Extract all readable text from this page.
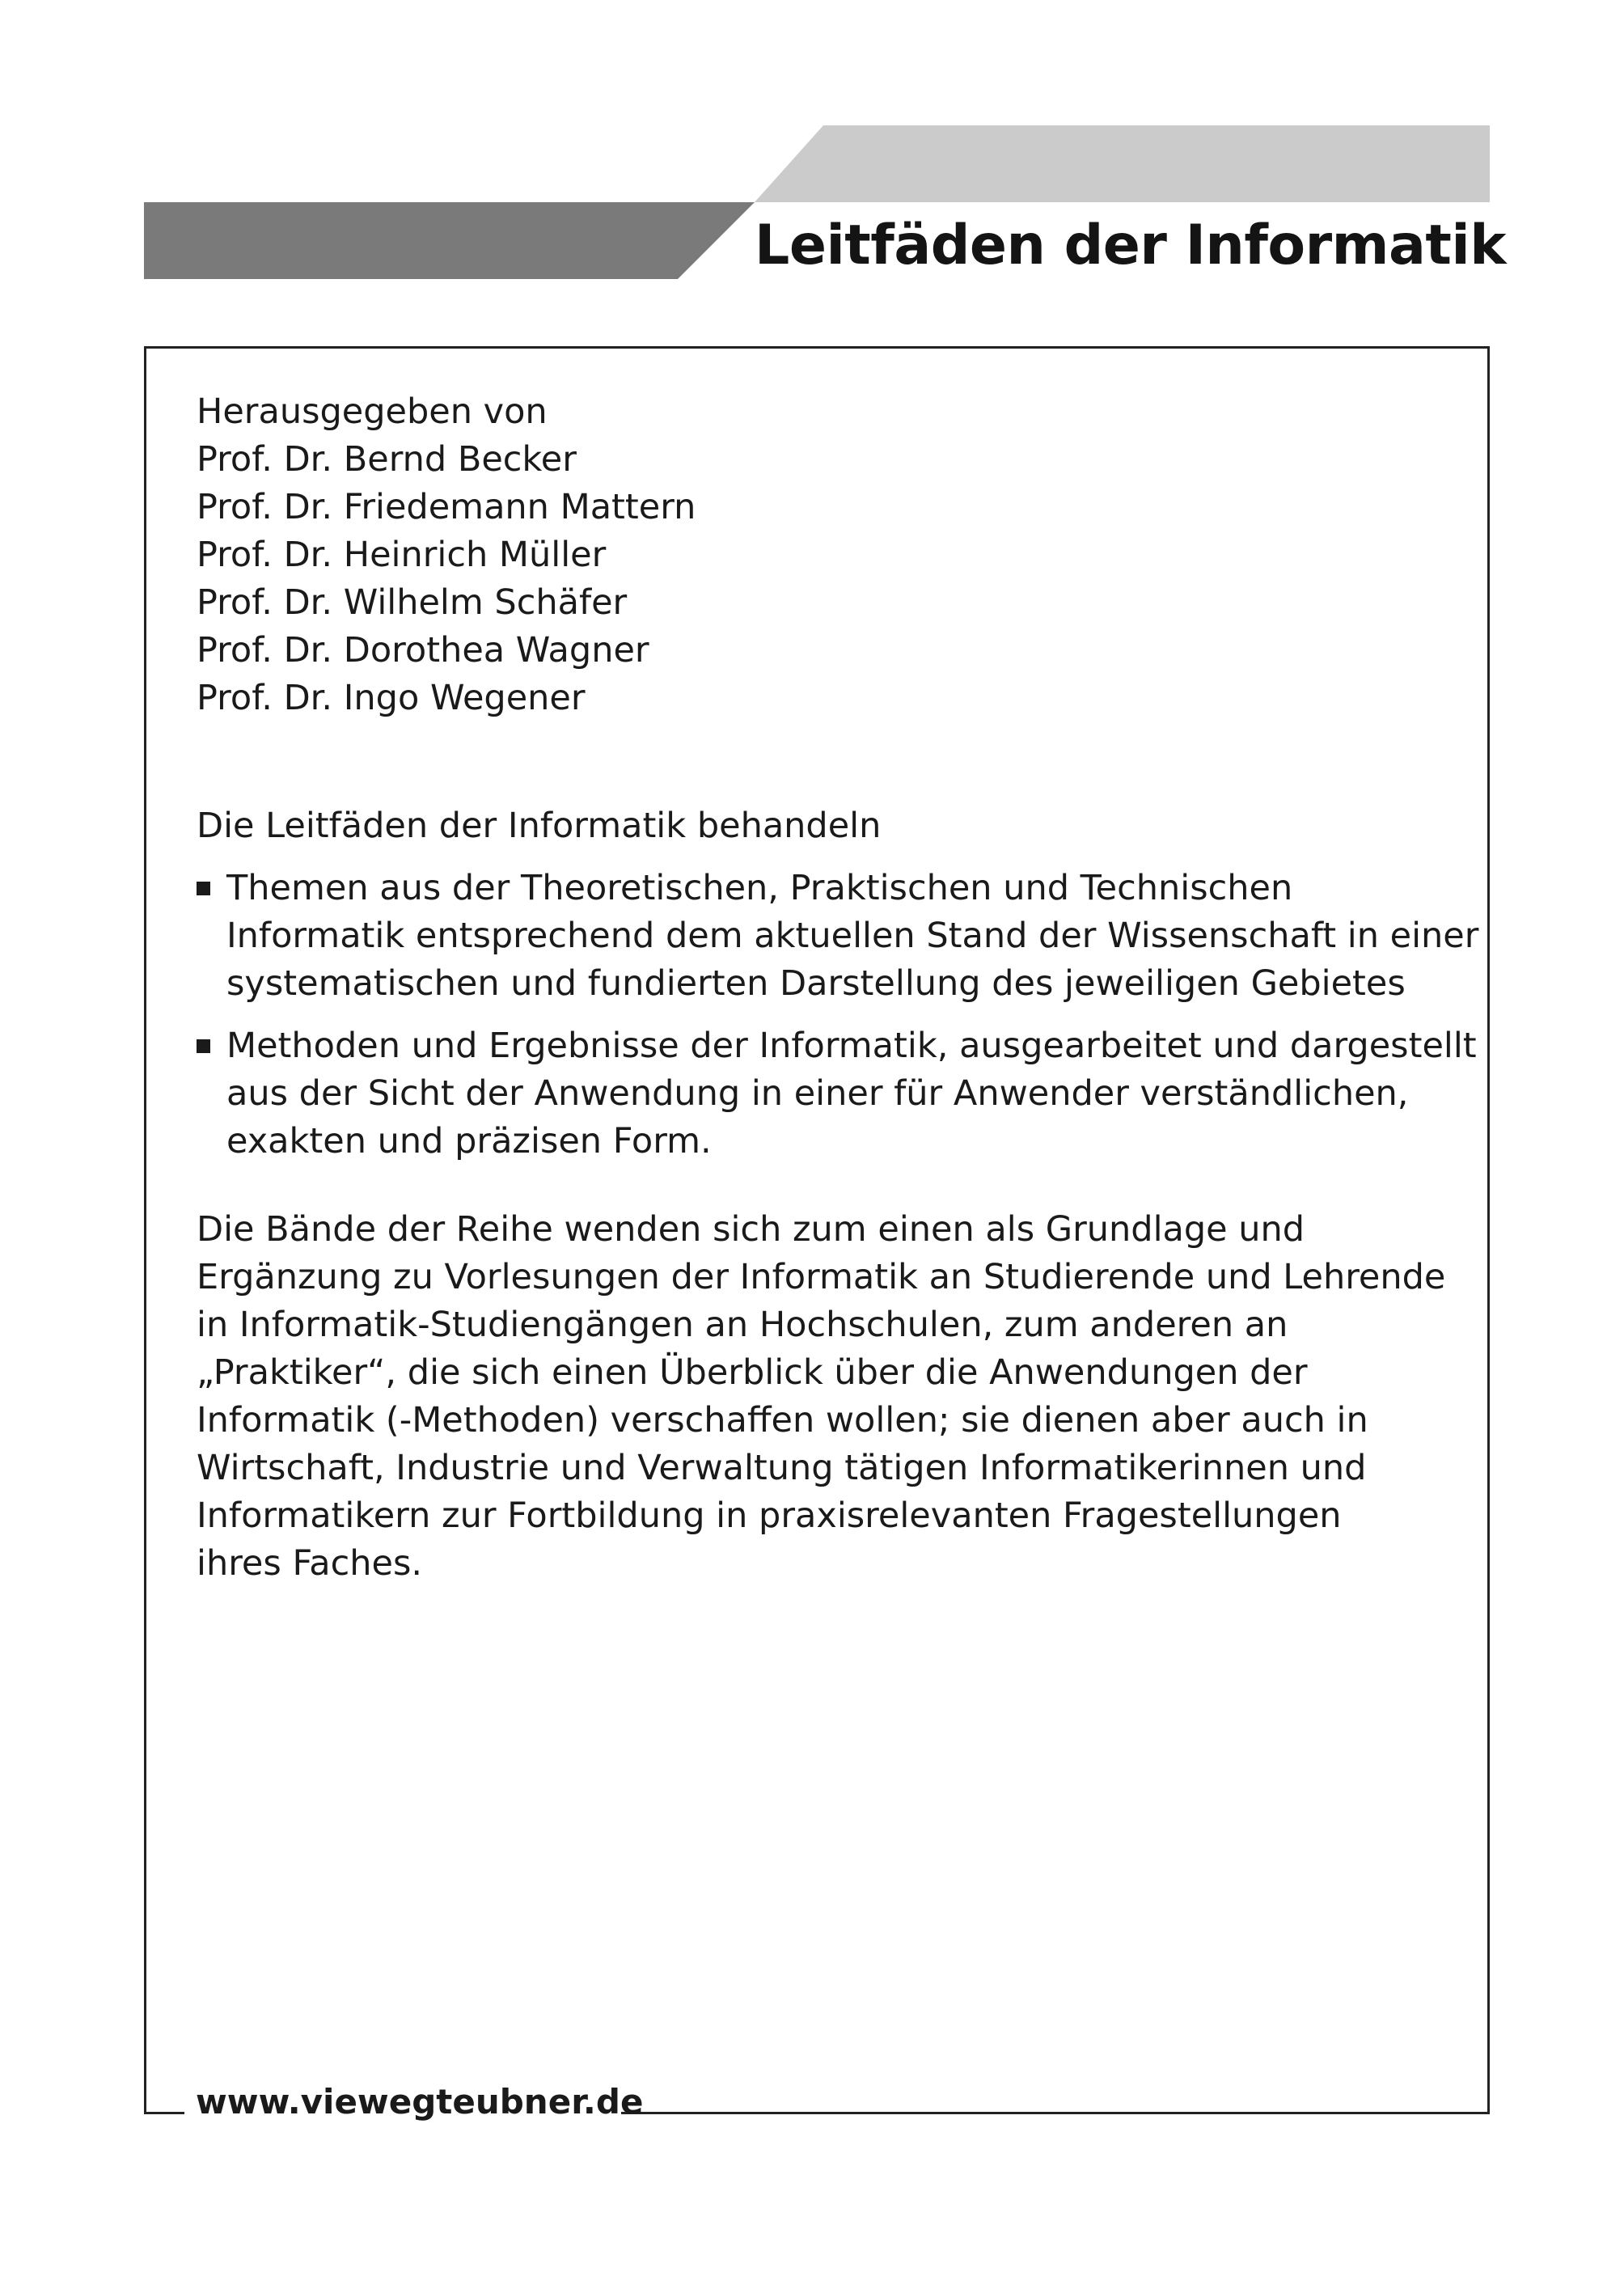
Leitfäden der Informatik
Herausgegeben von
Prof. Dr. Bernd Becker
Prof. Dr. Friedemann Mattern
Prof. Dr. Heinrich Müller
Prof. Dr. Wilhelm Schäfer
Prof. Dr. Dorothea Wagner
Prof. Dr. Ingo Wegener
Die Leitfäden der Informatik behandeln
Themen aus der Theoretischen, Praktischen und Technischen
Informatik entsprechend dem aktuellen Stand der Wissenschaft in einer
systematischen und fundierten Darstellung des jeweiligen Gebietes
Methoden und Ergebnisse der Informatik, ausgearbeitet und dargestellt
aus der Sicht der Anwendung in einer für Anwender verständlichen,
exakten und präzisen Form.
Die Bände der Reihe wenden sich zum einen als Grundlage und
Ergänzung zu Vorlesungen der Informatik an Studierende und Lehrende
in Informatik-Studiengängen an Hochschulen, zum anderen an
„Praktiker“, die sich einen Überblick über die Anwendungen der
Informatik (-Methoden) verschaffen wollen; sie dienen aber auch in
Wirtschaft, Industrie und Verwaltung tätigen Informatikerinnen und
Informatikern zur Fortbildung in praxisrelevanten Fragestellungen
ihres Faches.
www.viewegteubner.de
